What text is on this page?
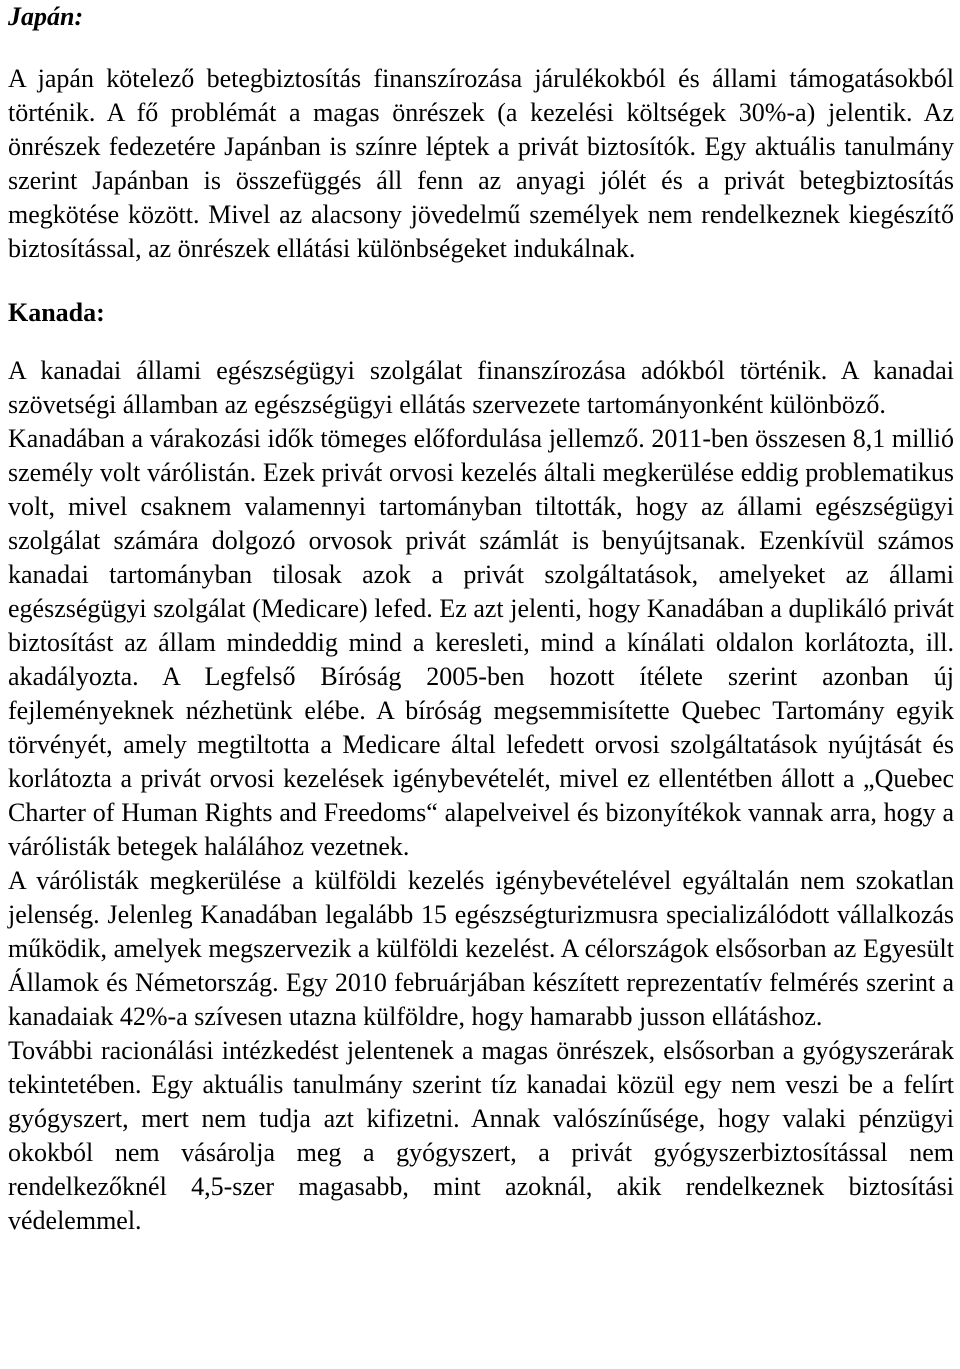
Japán:

A japán kötelező betegbiztosítás finanszírozása járulékokból és állami támogatásokból történik. A fő problémát a magas önrészek (a kezelési költségek 30%-a) jelentik. Az önrészek fedezetére Japánban is színre léptek a privát biztosítók. Egy aktuális tanulmány szerint Japánban is összefüggés áll fenn az anyagi jólét és a privát betegbiztosítás megkötése között. Mivel az alacsony jövedelmű személyek nem rendelkeznek kiegészítő biztosítással, az önrészek ellátási különbségeket indukálnak.

Kanada:

A kanadai állami egészségügyi szolgálat finanszírozása adókból történik. A kanadai szövetségi államban az egészségügyi ellátás szervezete tartományonként különböző.

Kanadában a várakozási idők tömeges előfordulása jellemző. 2011-ben összesen 8,1 millió személy volt várólistán. Ezek privát orvosi kezelés általi megkerülése eddig problematikus volt, mivel csaknem valamennyi tartományban tiltották, hogy az állami egészségügyi szolgálat számára dolgozó orvosok privát számlát is benyújtsanak. Ezenkívül számos kanadai tartományban tilosak azok a privát szolgáltatások, amelyeket az állami egészségügyi szolgálat (Medicare) lefed. Ez azt jelenti, hogy Kanadában a duplikáló privát biztosítást az állam mindeddig mind a keresleti, mind a kínálati oldalon korlátozta, ill. akadályozta. A Legfelső Bíróság 2005-ben hozott ítélete szerint azonban új fejleményeknek nézhetünk elébe. A bíróság megsemmisítette Quebec Tartomány egyik törvényét, amely megtiltotta a Medicare által lefedett orvosi szolgáltatások nyújtását és korlátozta a privát orvosi kezelések igénybevételét, mivel ez ellentétben állott a „Quebec Charter of Human Rights and Freedoms“ alapelveivel és bizonyítékok vannak arra, hogy a várólisták betegek halálához vezetnek.

A várólisták megkerülése a külföldi kezelés igénybevételével egyáltalán nem szokatlan jelenség. Jelenleg Kanadában legalább 15 egészségturizmusra specializálódott vállalkozás működik, amelyek megszervezik a külföldi kezelést. A célországok elsősorban az Egyesült Államok és Németország. Egy 2010 februárjában készített reprezentatív felmérés szerint a kanadaiak 42%-a szívesen utazna külföldre, hogy hamarabb jusson ellátáshoz.

További racionálási intézkedést jelentenek a magas önrészek, elsősorban a gyógyszerárak tekintetében. Egy aktuális tanulmány szerint tíz kanadai közül egy nem veszi be a felírt gyógyszert, mert nem tudja azt kifizetni. Annak valószínűsége, hogy valaki pénzügyi okokból nem vásárolja meg a gyógyszert, a privát gyógyszerbiztosítással nem rendelkezőknél 4,5-szer magasabb, mint azoknál, akik rendelkeznek biztosítási védelemmel.
